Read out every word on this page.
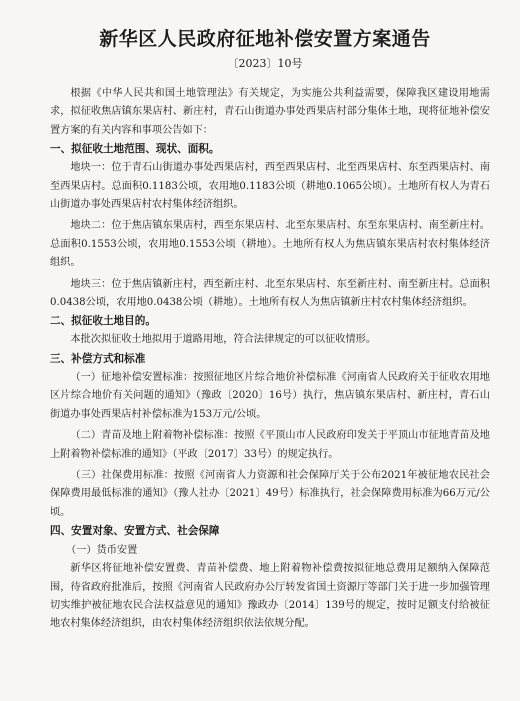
新华区人民政府征地补偿安置方案通告
〔2023〕10号

根据《中华人民共和国土地管理法》有关规定，为实施公共利益需要，保障我区建设用地需求，拟征收焦店镇东果店村、新庄村，青石山街道办事处西果店村部分集体土地，现将征地补偿安置方案的有关内容和事项公告如下：

一、拟征收土地范围、现状、面积。

地块一：位于青石山街道办事处西果店村，西至西果店村、北至西果店村、东至西果店村、南至西果店村。总面积0.1183公顷，农用地0.1183公顷（耕地0.1065公顷）。土地所有权人为青石山街道办事处西果店村农村集体经济组织。

地块二：位于焦店镇东果店村，西至东果店村、北至东果店村、东至东果店村、南至新庄村。总面积0.1553公顷，农用地0.1553公顷（耕地）。土地所有权人为焦店镇东果店村农村集体经济组织。

地块三：位于焦店镇新庄村，西至新庄村、北至东果店村、东至新庄村、南至新庄村。总面积0.0438公顷，农用地0.0438公顷（耕地）。土地所有权人为焦店镇新庄村农村集体经济组织。

二、拟征收土地目的。

本批次拟征收土地拟用于道路用地，符合法律规定的可以征收情形。

三、补偿方式和标准

（一）征地补偿安置标准：按照征地区片综合地价补偿标准《河南省人民政府关于征收农用地区片综合地价有关问题的通知》（豫政〔2020〕16号）执行，焦店镇东果店村、新庄村，青石山街道办事处西果店村补偿标准为153万元/公顷。

（二）青苗及地上附着物补偿标准：按照《平顶山市人民政府印发关于平顶山市征地青苗及地上附着物补偿标准的通知》（平政〔2017〕33号）的规定执行。

（三）社保费用标准：按照《河南省人力资源和社会保障厅关于公布2021年被征地农民社会保障费用最低标准的通知》（豫人社办〔2021〕49号）标准执行，社会保障费用标准为66万元/公顷。

四、安置对象、安置方式、社会保障
（一）货币安置

新华区将征地补偿安置费、青苗补偿费、地上附着物补偿费按拟征地总费用足额纳入保障范围，待省政府批准后，按照《河南省人民政府办公厅转发省国土资源厅等部门关于进一步加强管理切实维护被征地农民合法权益意见的通知》豫政办〔2014〕139号的规定，按时足额支付给被征地农村集体经济组织，由农村集体经济组织依法依规分配。
